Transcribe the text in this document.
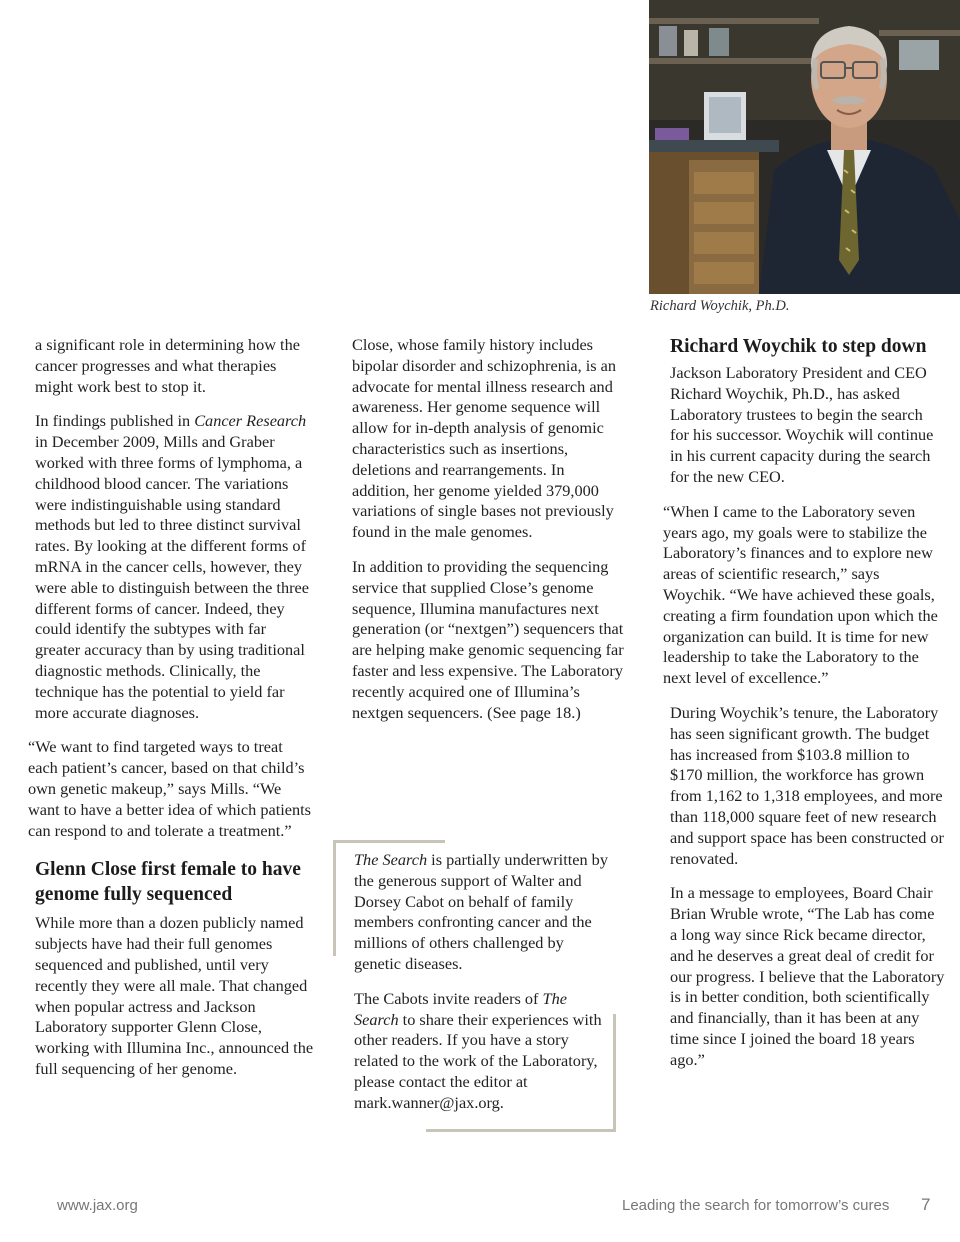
Richard Woychik, Ph.D.

a significant role in determining how the cancer progresses and what therapies might work best to stop it.

In findings published in Cancer Research in December 2009, Mills and Graber worked with three forms of lymphoma, a childhood blood cancer. The variations were indistinguishable using standard methods but led to three distinct survival rates. By looking at the different forms of mRNA in the cancer cells, however, they were able to distinguish between the three different forms of cancer. Indeed, they could identify the subtypes with far greater accuracy than by using traditional diagnostic methods. Clinically, the technique has the potential to yield far more accurate diagnoses.

“We want to find targeted ways to treat each patient’s cancer, based on that child’s own genetic makeup,” says Mills. “We want to have a better idea of which patients can respond to and tolerate a treatment.”

Glenn Close first female to have genome fully sequenced

While more than a dozen publicly named subjects have had their full genomes sequenced and published, until very recently they were all male. That changed when popular actress and Jackson Laboratory supporter Glenn Close, working with Illumina Inc., announced the full sequencing of her genome.

Close, whose family history includes bipolar disorder and schizophrenia, is an advocate for mental illness research and awareness. Her genome sequence will allow for in-depth analysis of genomic characteristics such as insertions, deletions and rearrangements. In addition, her genome yielded 379,000 variations of single bases not previously found in the male genomes.

In addition to providing the sequencing service that supplied Close’s genome sequence, Illumina manufactures next generation (or “nextgen”) sequencers that are helping make genomic sequencing far faster and less expensive. The Laboratory recently acquired one of Illumina’s nextgen sequencers. (See page 18.)

The Search is partially underwritten by the generous support of Walter and Dorsey Cabot on behalf of family members confronting cancer and the millions of others challenged by genetic diseases.

The Cabots invite readers of The Search to share their experiences with other readers. If you have a story related to the work of the Laboratory, please contact the editor at mark.wanner@jax.org.

Richard Woychik to step down

Jackson Laboratory President and CEO Richard Woychik, Ph.D., has asked Laboratory trustees to begin the search for his successor. Woychik will continue in his current capacity during the search for the new CEO.

“When I came to the Laboratory seven years ago, my goals were to stabilize the Laboratory’s finances and to explore new areas of scientific research,” says Woychik. “We have achieved these goals, creating a firm foundation upon which the organization can build. It is time for new leadership to take the Laboratory to the next level of excellence.”

During Woychik’s tenure, the Laboratory has seen significant growth. The budget has increased from $103.8 million to $170 million, the workforce has grown from 1,162 to 1,318 employees, and more than 118,000 square feet of new research and support space has been constructed or renovated.

In a message to employees, Board Chair Brian Wruble wrote, “The Lab has come a long way since Rick became director, and he deserves a great deal of credit for our progress. I believe that the Laboratory is in better condition, both scientifically and financially, than it has been at any time since I joined the board 18 years ago.”

www.jax.org	Leading the search for tomorrow’s cures 7
